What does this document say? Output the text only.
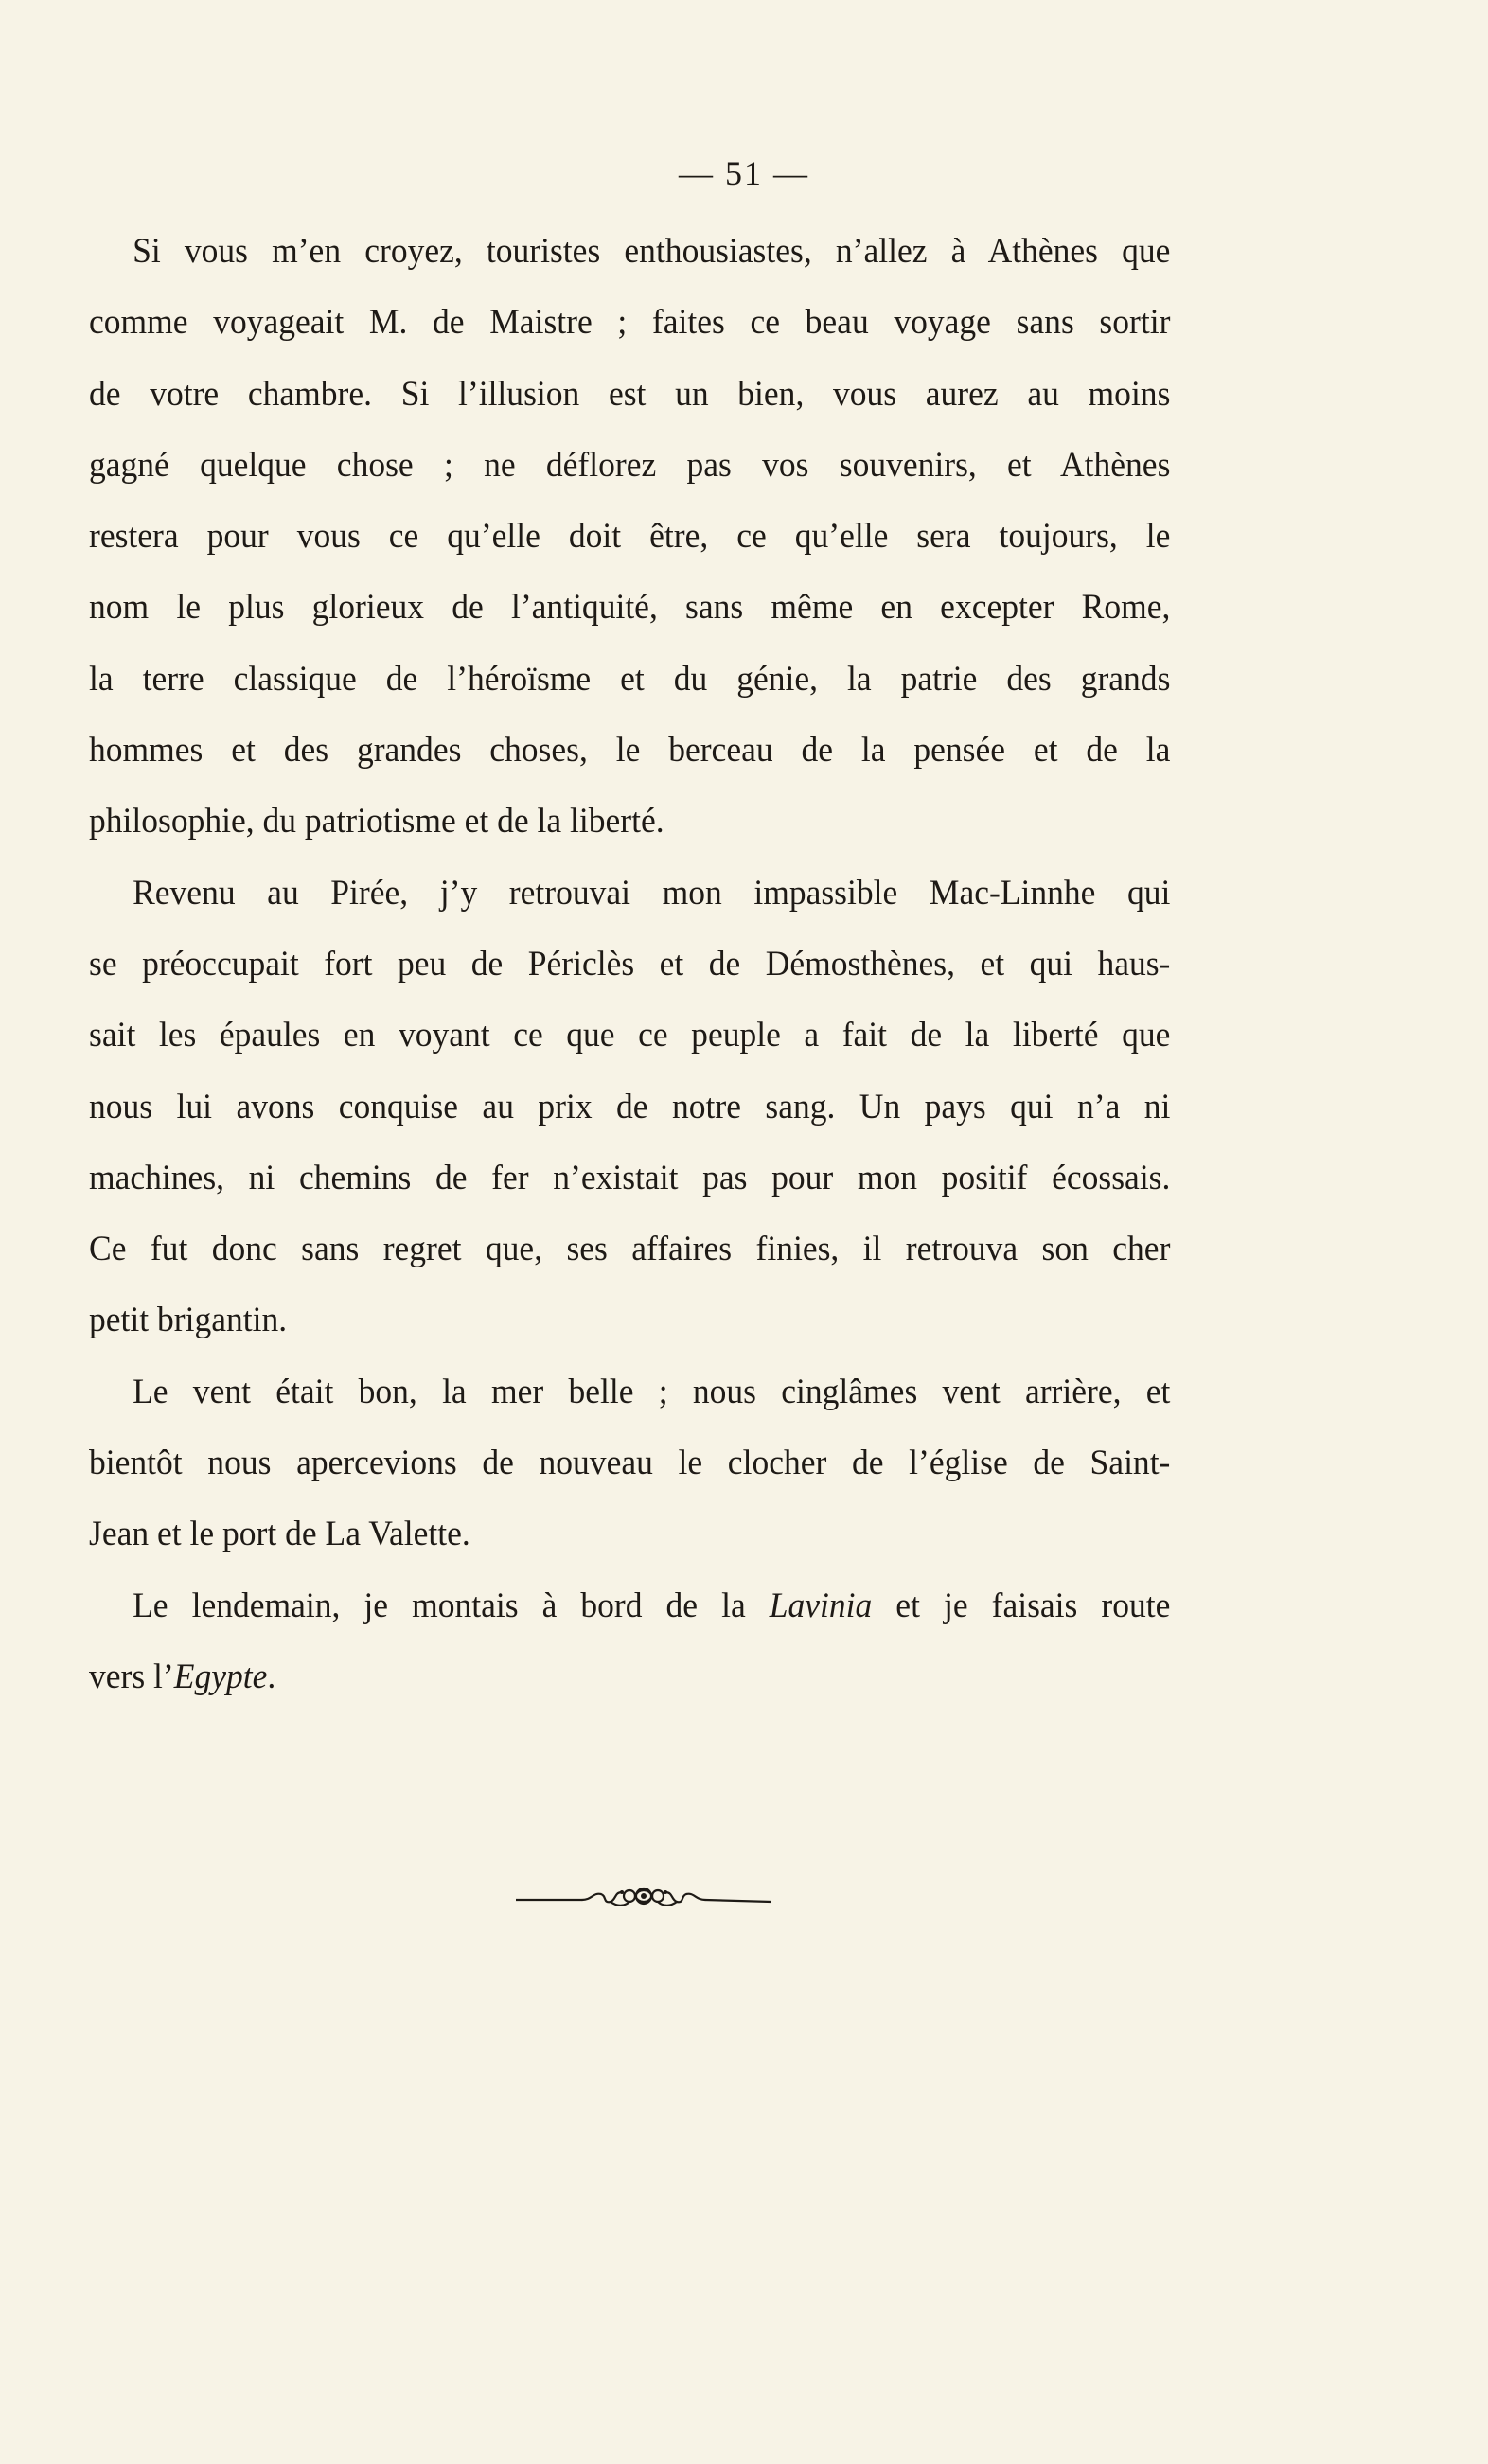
— 51 —
Si vous m’en croyez, touristes enthousiastes, n’allez à Athènes que
comme voyageait M. de Maistre ; faites ce beau voyage sans sortir
de votre chambre. Si l’illusion est un bien, vous aurez au moins
gagné quelque chose ; ne déflorez pas vos souvenirs, et Athènes
restera pour vous ce qu’elle doit être, ce qu’elle sera toujours, le
nom le plus glorieux de l’antiquité, sans même en excepter Rome,
la terre classique de l’héroïsme et du génie, la patrie des grands
hommes et des grandes choses, le berceau de la pensée et de la
philosophie, du patriotisme et de la liberté.
Revenu au Pirée, j’y retrouvai mon impassible Mac-Linnhe qui
se préoccupait fort peu de Périclès et de Démosthènes, et qui haus-
sait les épaules en voyant ce que ce peuple a fait de la liberté que
nous lui avons conquise au prix de notre sang. Un pays qui n’a ni
machines, ni chemins de fer n’existait pas pour mon positif écossais.
Ce fut donc sans regret que, ses affaires finies, il retrouva son cher
petit brigantin.
Le vent était bon, la mer belle ; nous cinglâmes vent arrière, et
bientôt nous apercevions de nouveau le clocher de l’église de Saint-
Jean et le port de La Valette.
Le lendemain, je montais à bord de la Lavinia et je faisais route
vers l’Egypte.
